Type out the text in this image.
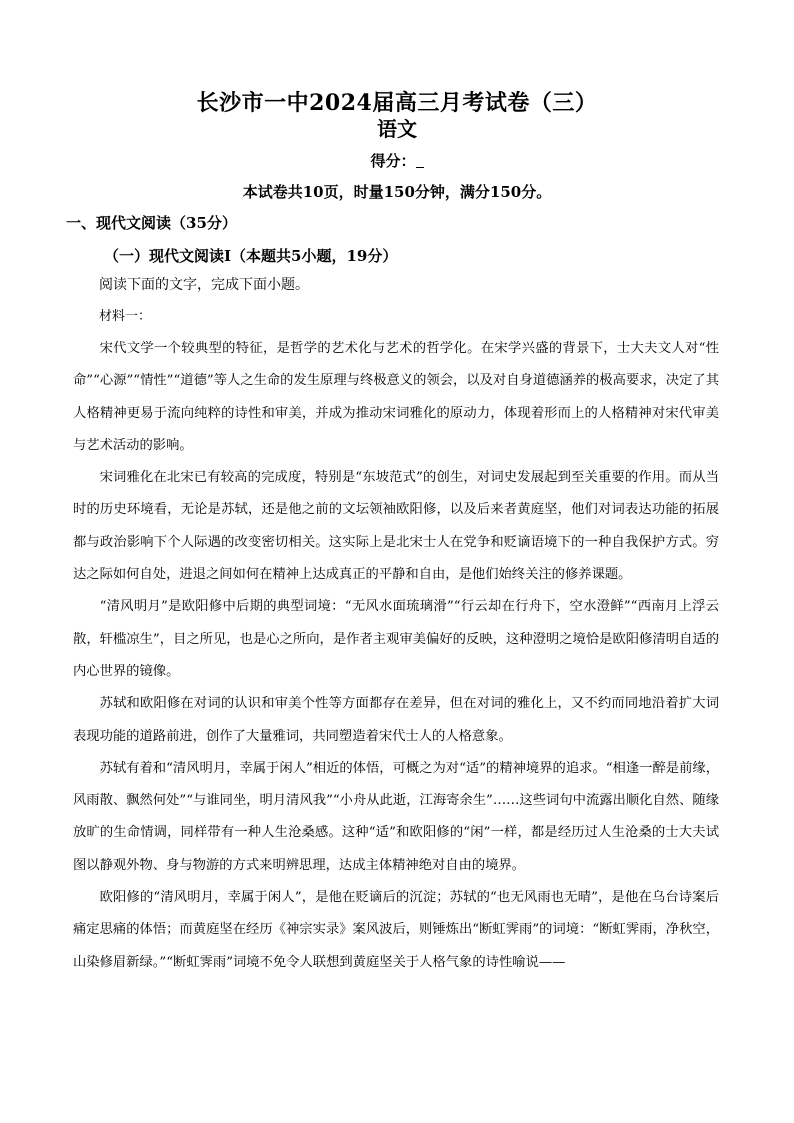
长沙市一中2024届高三月考试卷（三）
语文
得分：
本试卷共10页，时量150分钟，满分150分。
一、现代文阅读（35分）
（一）现代文阅读Ⅰ（本题共5小题，19分）
阅读下面的文字，完成下面小题。
材料一：

宋代文学一个较典型的特征，是哲学的艺术化与艺术的哲学化。在宋学兴盛的背景下，士大夫文人对“性命”“心源”“情性”“道德”等人之生命的发生原理与终极意义的领会，以及对自身道德涵养的极高要求，决定了其人格精神更易于流向纯粹的诗性和审美，并成为推动宋词雅化的原动力，体现着形而上的人格精神对宋代审美与艺术活动的影响。

宋词雅化在北宋已有较高的完成度，特别是“东坡范式”的创生，对词史发展起到至关重要的作用。而从当时的历史环境看，无论是苏轼，还是他之前的文坛领袖欧阳修，以及后来者黄庭坚，他们对词表达功能的拓展都与政治影响下个人际遇的改变密切相关。这实际上是北宋士人在党争和贬谪语境下的一种自我保护方式。穷达之际如何自处，进退之间如何在精神上达成真正的平静和自由，是他们始终关注的修养课题。

“清风明月”是欧阳修中后期的典型词境：“无风水面琉璃滑”“行云却在行舟下，空水澄鲜”“西南月上浮云散，轩槛凉生”，目之所见，也是心之所向，是作者主观审美偏好的反映，这种澄明之境恰是欧阳修清明自适的内心世界的镜像。

苏轼和欧阳修在对词的认识和审美个性等方面都存在差异，但在对词的雅化上，又不约而同地沿着扩大词表现功能的道路前进，创作了大量雅词，共同塑造着宋代士人的人格意象。

苏轼有着和“清风明月，幸属于闲人”相近的体悟，可概之为对“适”的精神境界的追求。“相逢一醉是前缘，风雨散、飘然何处”“与谁同坐，明月清风我”“小舟从此逝，江海寄余生”……这些词句中流露出顺化自然、随缘放旷的生命情调，同样带有一种人生沧桑感。这种“适”和欧阳修的“闲”一样，都是经历过人生沧桑的士大夫试图以静观外物、身与物游的方式来明辨思理，达成主体精神绝对自由的境界。

欧阳修的“清风明月，幸属于闲人”，是他在贬谪后的沉淀；苏轼的“也无风雨也无晴”，是他在乌台诗案后痛定思痛的体悟；而黄庭坚在经历《神宗实录》案风波后，则锤炼出“断虹霁雨”的词境：“断虹霁雨，净秋空，山染修眉新绿。”“断虹霁雨”词境不免令人联想到黄庭坚关于人格气象的诗性喻说——
